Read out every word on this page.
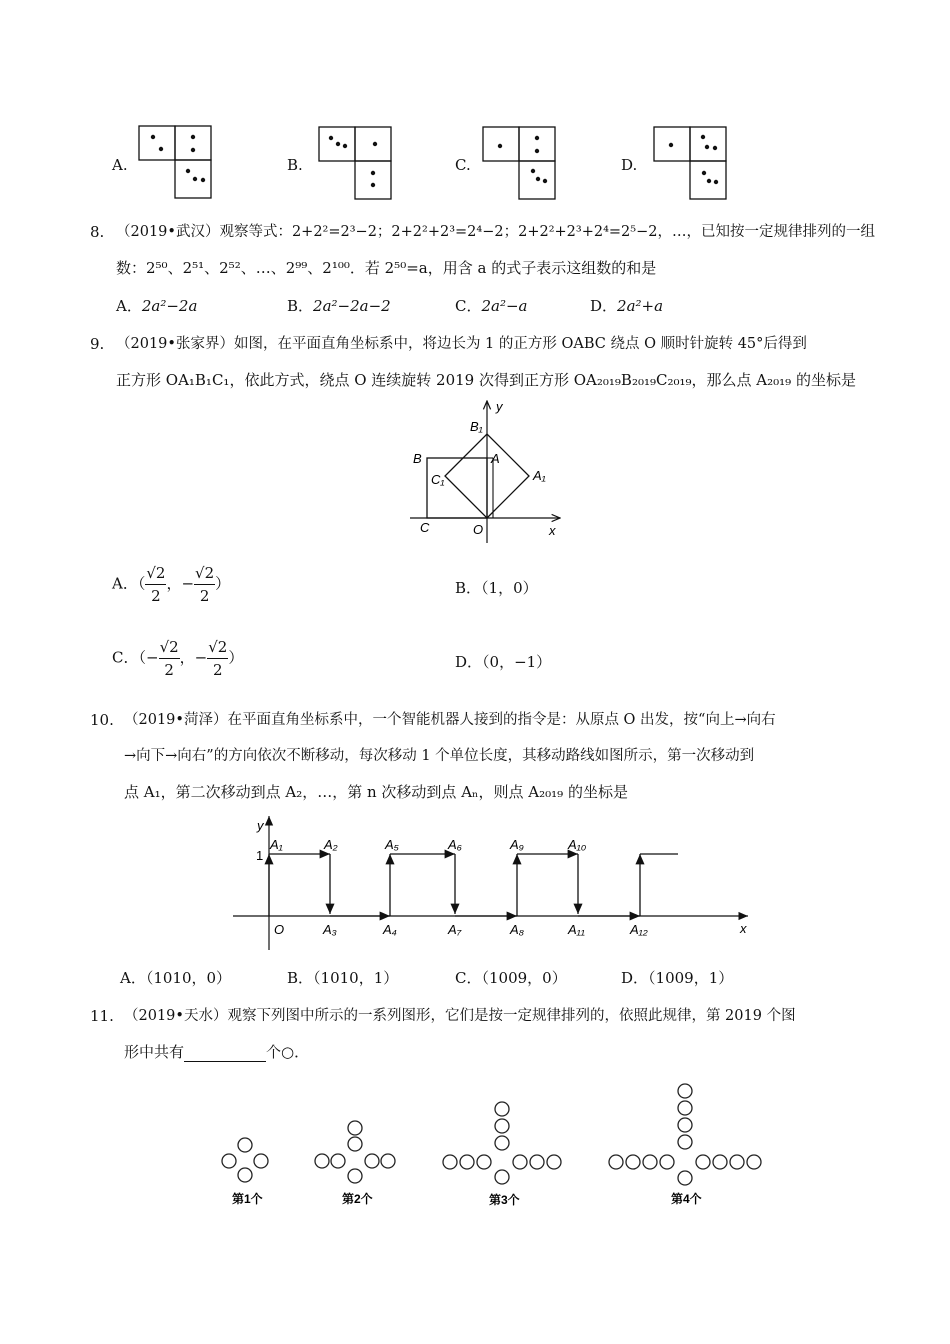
A.	B.	C.	D.
8. （2019•武汉）观察等式：2+2²=2³−2；2+2²+2³=2⁴−2；2+2²+2³+2⁴=2⁵−2，…，已知按一定规律排列的一组
数：2⁵⁰、2⁵¹、2⁵²、…、2⁹⁹、2¹⁰⁰．若 2⁵⁰=a，用含 a 的式子表示这组数的和是
A．2a²−2a	B．2a²−2a−2	C．2a²−a	D．2a²+a
9. （2019•张家界）如图，在平面直角坐标系中，将边长为 1 的正方形 OABC 绕点 O 顺时针旋转 45°后得到
正方形 OA₁B₁C₁，依此方式，绕点 O 连续旋转 2019 次得到正方形 OA₂₀₁₉B₂₀₁₉C₂₀₁₉，那么点 A₂₀₁₉ 的坐标是
y
x
B₁
B	A
A₁
C₁
C	O
A．（ $\frac{√2}{2}$ ，− $\frac{√2}{2}$ ）	B．（1，0）
C．（− $\frac{√2}{2}$ ，− $\frac{√2}{2}$ ）	D．（0，−1）
10. （2019•菏泽）在平面直角坐标系中，一个智能机器人接到的指令是：从原点 O 出发，按“向上→向右
→向下→向右”的方向依次不断移动，每次移动 1 个单位长度，其移动路线如图所示，第一次移动到
点 A₁，第二次移动到点 A₂，…，第 n 次移动到点 Aₙ，则点 A₂₀₁₉ 的坐标是
y
x
O
1
A₁	A₂	A₅	A₆	A₉	A₁₀
A₃	A₄	A₇	A₈	A₁₁	A₁₂
A．（1010，0）	B．（1010，1）	C．（1009，0）	D．（1009，1）
11. （2019•天水）观察下列图中所示的一系列图形，它们是按一定规律排列的，依照此规律，第 2019 个图
形中共有	个○．
第1个	第2个	第3个	第4个
